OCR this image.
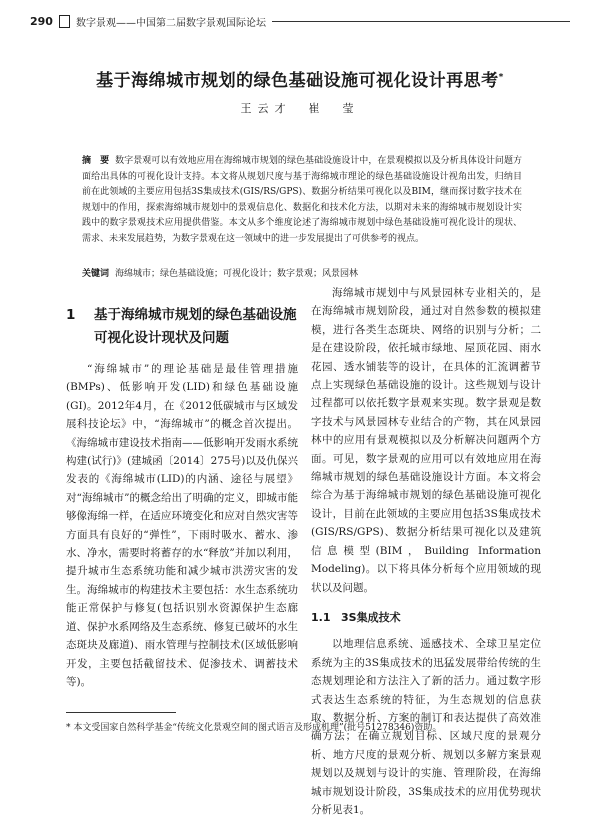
290 数字景观——中国第二届数字景观国际论坛
基于海绵城市规划的绿色基础设施可视化设计再思考*
王云才　崔　莹
摘　要 数字景观可以有效地应用在海绵城市规划的绿色基础设施设计中，在景观模拟以及分析具体设计问题方面给出具体的可视化设计支持。本文将从规划尺度与基于海绵城市理论的绿色基础设施设计视角出发，归纳目前在此领域的主要应用包括3S集成技术(GIS/RS/GPS)、数据分析结果可视化以及BIM，继而探讨数字技术在规划中的作用，探索海绵城市规划中的景观信息化、数据化和技术化方法，以期对未来的海绵城市规划设计实践中的数字景观技术应用提供借鉴。本文从多个维度论述了海绵城市规划中绿色基础设施可视化设计的现状、需求、未来发展趋势，为数字景观在这一领域中的进一步发展提出了可供参考的视点。
关键词 海绵城市；绿色基础设施；可视化设计；数字景观；风景园林
1	基于海绵城市规划的绿色基础设施可视化设计现状及问题

“海绵城市”的理论基础是最佳管理措施(BMPs)、低影响开发(LID)和绿色基础设施(GI)。2012年4月，在《2012低碳城市与区域发展科技论坛》中，“海绵城市”的概念首次提出。《海绵城市建设技术指南——低影响开发雨水系统构建(试行)》(建城函〔2014〕275号)以及仇保兴发表的《海绵城市(LID)的内涵、途径与展望》对“海绵城市”的概念给出了明确的定义，即城市能够像海绵一样，在适应环境变化和应对自然灾害等方面具有良好的“弹性”，下雨时吸水、蓄水、渗水、净水，需要时将蓄存的水“释放”并加以利用，提升城市生态系统功能和减少城市洪涝灾害的发生。海绵城市的构建技术主要包括：水生态系统功能正常保护与修复(包括识别水资源保护生态廊道、保护水系网络及生态系统、修复已破坏的水生态斑块及廊道)、雨水管理与控制技术(区域低影响开发，主要包括截留技术、促渗技术、调蓄技术等)。

海绵城市规划中与风景园林专业相关的，是在海绵城市规划阶段，通过对自然参数的模拟建模，进行各类生态斑块、网络的识别与分析；二是在建设阶段，依托城市绿地、屋顶花园、雨水花园、透水铺装等的设计，在具体的汇流调蓄节点上实现绿色基础设施的设计。这些规划与设计过程都可以依托数字景观来实现。数字景观是数字技术与风景园林专业结合的产物，其在风景园林中的应用有景观模拟以及分析解决问题两个方面。可见，数字景观的应用可以有效地应用在海绵城市规划的绿色基础设施设计方面。本文将会综合为基于海绵城市规划的绿色基础设施可视化设计，目前在此领域的主要应用包括3S集成技术(GIS/RS/GPS)、数据分析结果可视化以及建筑信息模型(BIM，Building Information Modeling)。以下将具体分析每个应用领域的现状以及问题。

1.1 3S集成技术

以地理信息系统、遥感技术、全球卫星定位系统为主的3S集成技术的迅猛发展带给传统的生态规划理论和方法注入了新的活力。通过数字形式表达生态系统的特征，为生态规划的信息获取、数据分析、方案的制订和表达提供了高效准确方法；在确立规划目标、区域尺度的景观分析、地方尺度的景观分析、规划以多解方案景观规划以及规划与设计的实施、管理阶段，在海绵城市规划设计阶段，3S集成技术的应用优势现状分析见表1。

* 本文受国家自然科学基金“传统文化景观空间的图式语言及形成机理”(批号51278346)资助。
